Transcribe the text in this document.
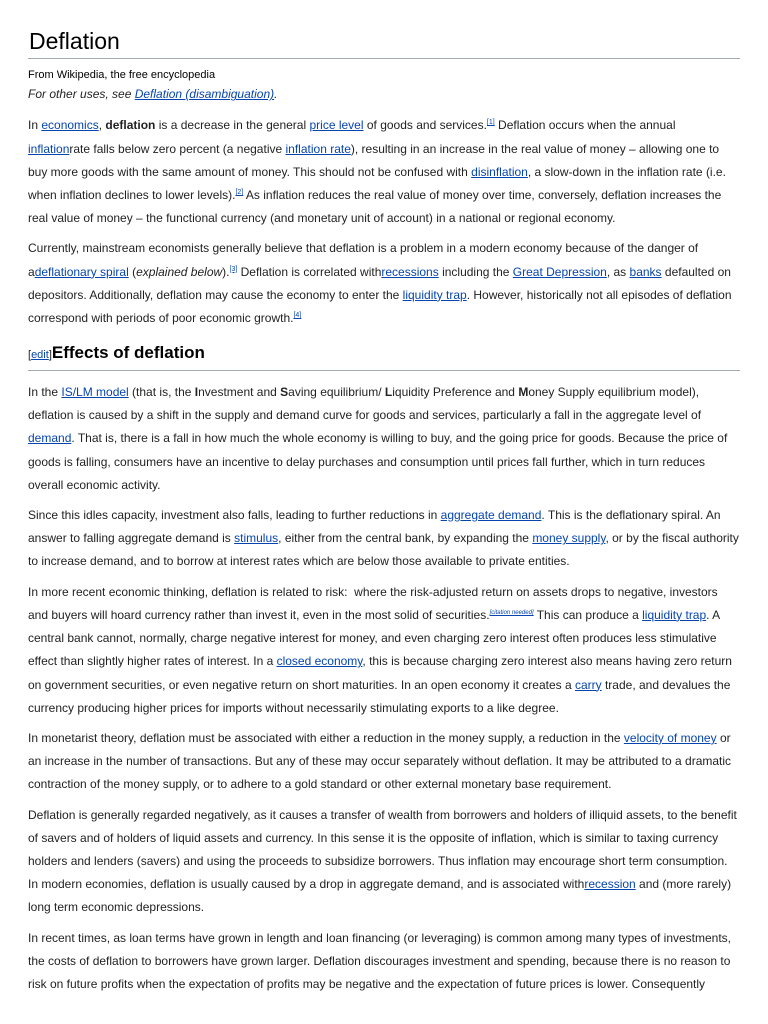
Deflation
From Wikipedia, the free encyclopedia
For other uses, see Deflation (disambiguation).

In economics, deflation is a decrease in the general price level of goods and services.[1] Deflation occurs when the annual inflationrate falls below zero percent (a negative inflation rate), resulting in an increase in the real value of money – allowing one to buy more goods with the same amount of money. This should not be confused with disinflation, a slow-down in the inflation rate (i.e. when inflation declines to lower levels).[2] As inflation reduces the real value of money over time, conversely, deflation increases the real value of money – the functional currency (and monetary unit of account) in a national or regional economy.

Currently, mainstream economists generally believe that deflation is a problem in a modern economy because of the danger of adeflationary spiral (explained below).[3] Deflation is correlated withrecessions including the Great Depression, as banks defaulted on depositors. Additionally, deflation may cause the economy to enter the liquidity trap. However, historically not all episodes of deflation correspond with periods of poor economic growth.[4]

[edit]Effects of deflation

In the IS/LM model (that is, the Investment and Saving equilibrium/ Liquidity Preference and Money Supply equilibrium model), deflation is caused by a shift in the supply and demand curve for goods and services, particularly a fall in the aggregate level of demand. That is, there is a fall in how much the whole economy is willing to buy, and the going price for goods. Because the price of goods is falling, consumers have an incentive to delay purchases and consumption until prices fall further, which in turn reduces overall economic activity.

Since this idles capacity, investment also falls, leading to further reductions in aggregate demand. This is the deflationary spiral. An answer to falling aggregate demand is stimulus, either from the central bank, by expanding the money supply, or by the fiscal authority to increase demand, and to borrow at interest rates which are below those available to private entities.

In more recent economic thinking, deflation is related to risk:  where the risk-adjusted return on assets drops to negative, investors and buyers will hoard currency rather than invest it, even in the most solid of securities.[citation needed] This can produce a liquidity trap. A central bank cannot, normally, charge negative interest for money, and even charging zero interest often produces less stimulative effect than slightly higher rates of interest. In a closed economy, this is because charging zero interest also means having zero return on government securities, or even negative return on short maturities. In an open economy it creates a carry trade, and devalues the currency producing higher prices for imports without necessarily stimulating exports to a like degree.

In monetarist theory, deflation must be associated with either a reduction in the money supply, a reduction in the velocity of money or an increase in the number of transactions. But any of these may occur separately without deflation. It may be attributed to a dramatic contraction of the money supply, or to adhere to a gold standard or other external monetary base requirement.

Deflation is generally regarded negatively, as it causes a transfer of wealth from borrowers and holders of illiquid assets, to the benefit of savers and of holders of liquid assets and currency. In this sense it is the opposite of inflation, which is similar to taxing currency holders and lenders (savers) and using the proceeds to subsidize borrowers. Thus inflation may encourage short term consumption. In modern economies, deflation is usually caused by a drop in aggregate demand, and is associated withrecession and (more rarely) long term economic depressions.

In recent times, as loan terms have grown in length and loan financing (or leveraging) is common among many types of investments, the costs of deflation to borrowers have grown larger. Deflation discourages investment and spending, because there is no reason to risk on future profits when the expectation of profits may be negative and the expectation of future prices is lower. Consequently
